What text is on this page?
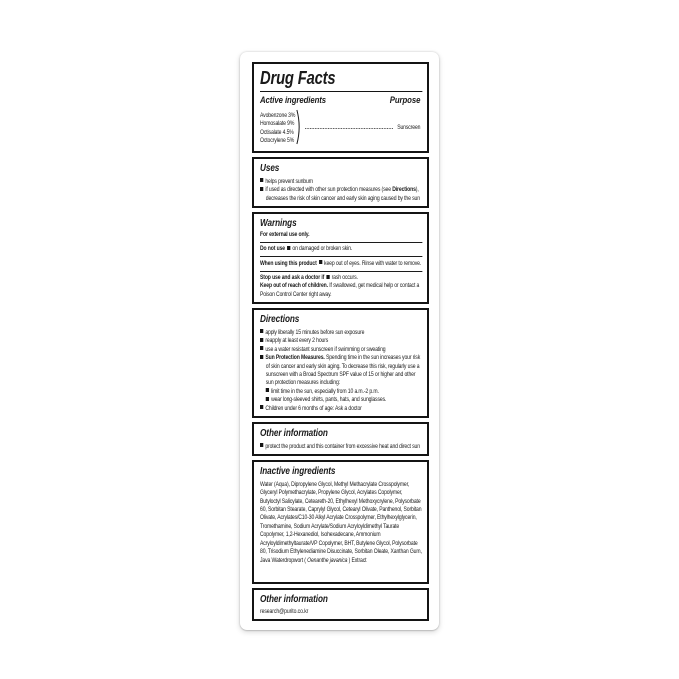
Drug Facts
Active ingredients	Purpose
Avobenzone 3%
Homosalate 9%
Octisalate 4.5%
Octocrylene 5%
Sunscreen
Uses
helps prevent sunburn
if used as directed with other sun protection measures (see Directions), decreases the risk of skin cancer and early skin aging caused by the sun
Warnings
For external use only.
Do not use on damaged or broken skin.
When using this product keep out of eyes. Rinse with water to remove.
Stop use and ask a doctor if rash occurs.
Keep out of reach of children. If swallowed, get medical help or contact a Poison Control Center right away.
Directions
apply liberally 15 minutes before sun exposure
reapply at least every 2 hours
use a water resistant sunscreen if swimming or sweating
Sun Protection Measures. Spending time in the sun increases your risk of skin cancer and early skin aging. To decrease this risk, regularly use a sunscreen with a Broad Spectrum SPF value of 15 or higher and other sun protection measures including:
limit time in the sun, especially from 10 a.m.-2 p.m.
wear long-sleeved shirts, pants, hats, and sunglasses.
Children under 6 months of age: Ask a doctor
Other information
protect the product and this container from excessive heat and direct sun
Inactive ingredients
Water (Aqua), Dipropylene Glycol, Methyl Methacrylate Crosspolymer, Glyceryl Polymethacrylate, Propylene Glycol, Acrylates Copolymer, Butyloctyl Salicylate, Ceteareth-20, Ethylhexyl Methoxycrylene, Polysorbate 60, Sorbitan Stearate, Caprylyl Glycol, Cetearyl Olivate, Panthenol, Sorbitan Olivate, Acrylates/C10-30 Alkyl Acrylate Crosspolymer, Ethylhexylglycerin, Tromethamine, Sodium Acrylate/Sodium Acryloyldimethyl Taurate Copolymer, 1,2-Hexanediol, Isohexadecane, Ammonium Acryloyldimethyltaurate/VP Copolymer, BHT, Butylene Glycol, Polysorbate 80, Trisodium Ethylenediamine Disuccinate, Sorbitan Oleate, Xanthan Gum, Java Waterdropwort ( Oenanthe javanica ) Extract
Other information
research@purito.co.kr
